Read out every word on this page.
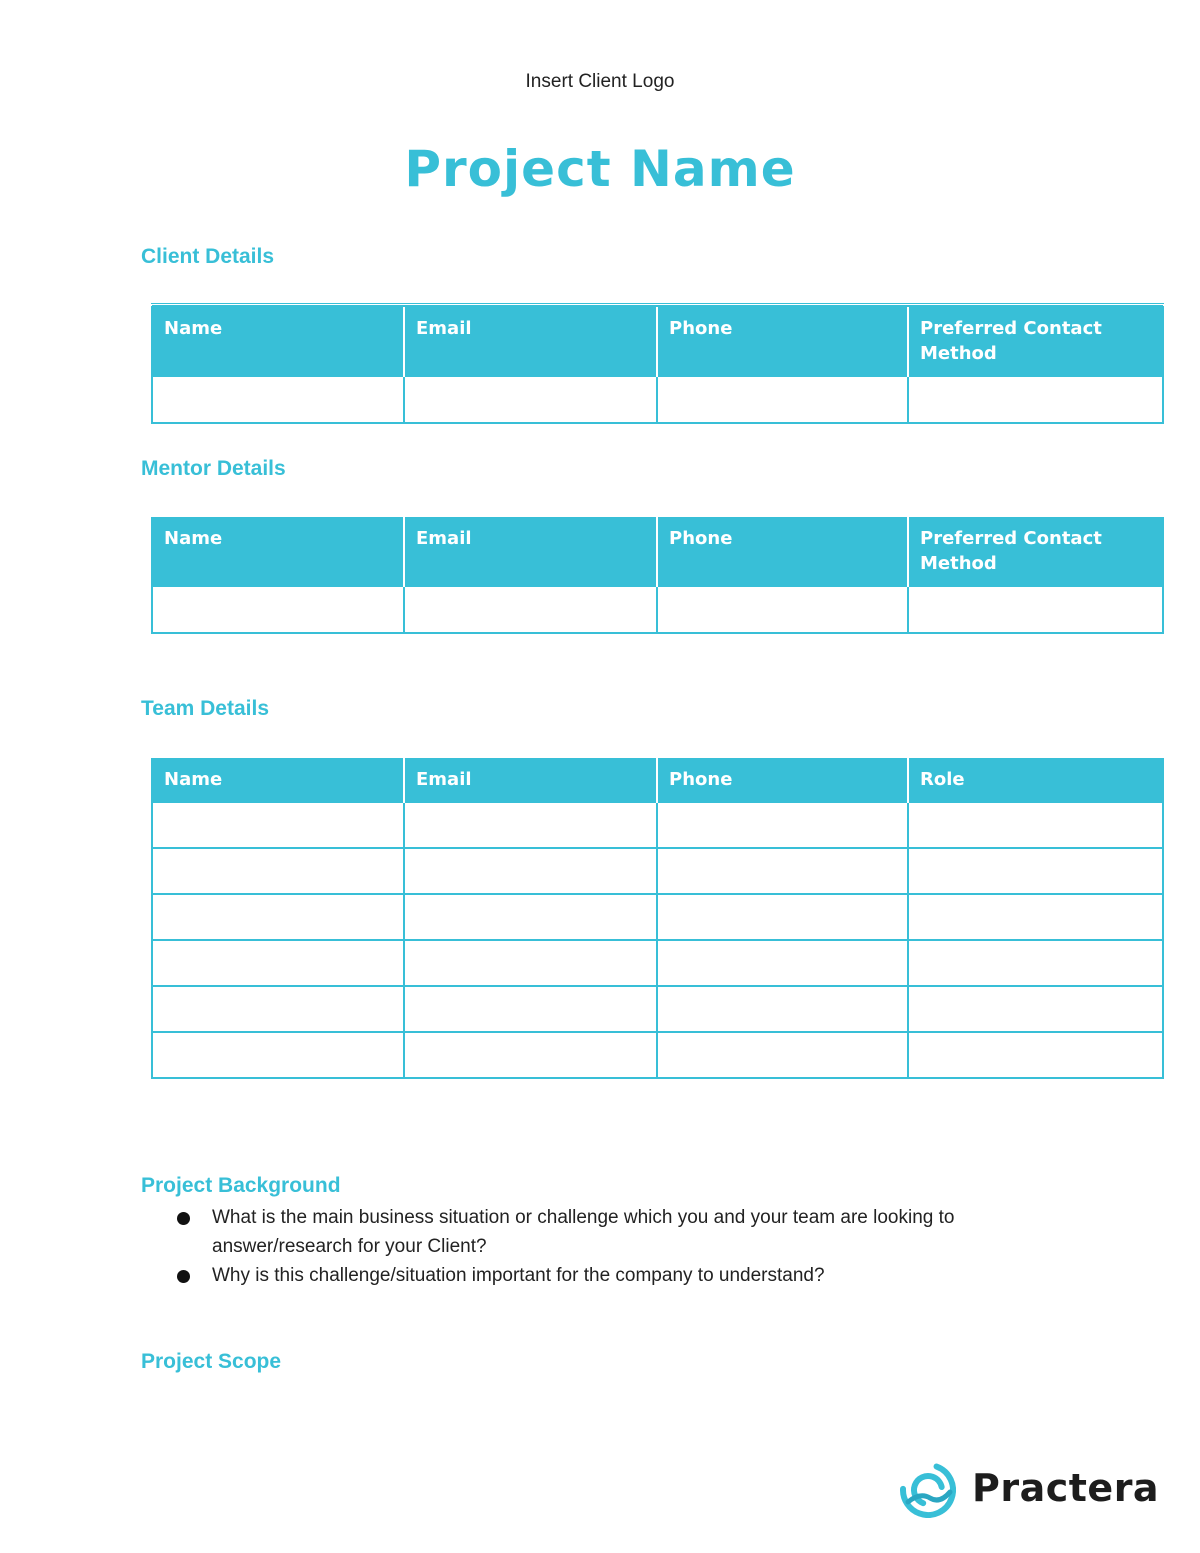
Insert Client Logo
Project Name
Client Details
Name	Email	Phone	Preferred Contact Method

Mentor Details
Name	Email	Phone	Preferred Contact Method

Team Details
Name	Email	Phone	Role

Project Background
What is the main business situation or challenge which you and your team are looking to answer/research for your Client?
Why is this challenge/situation important for the company to understand?
Project Scope
Practera
